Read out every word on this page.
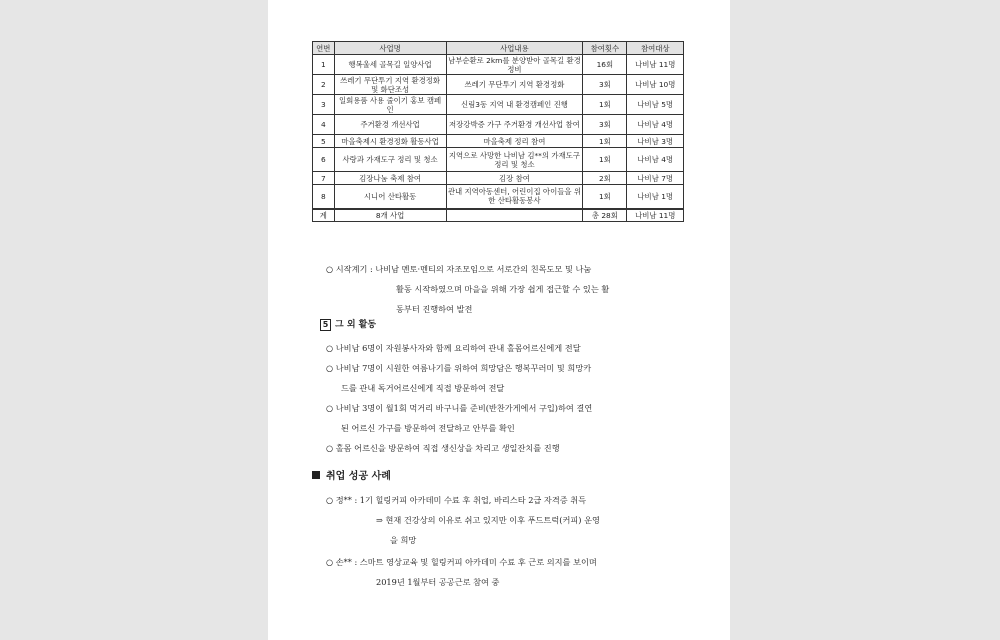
연번	사업명	사업내용	참여횟수	참여대상
1	행복울세 골목길 일양사업	남부순환로 2km를 분양받아 골목길 환경정비	16회	나비남 11명
2	쓰레기 무단투기 지역 환경정화 및 화단조성	쓰레기 무단투기 지역 환경정화	3회	나비남 10명
3	일회용품 사용 줄이기 홍보 캠페인	신림3동 지역 내 환경캠페인 진행	1회	나비남 5명
4	주거환경 개선사업	저장강박증 가구 주거환경 개선사업 참여	3회	나비남 4명
5	마을축제시 환경정화 활동사업	마을축제 정리 참여	1회	나비남 3명
6	사랑과 가재도구 정리 및 청소	지역으로 사망한 나비남 김**의 가재도구 정리 및 청소	1회	나비남 4명
7	김장나눔 축제 참여	김장 참여	2회	나비남 7명
8	시니어 산타활동	관내 지역아동센터, 어린이집 아이들을 위한 산타활동봉사	1회	나비남 1명
계	8개 사업		총 28회	나비남 11명
○ 시작계기 : 나비남 멘토·멘티의 자조모임으로 서로간의 친목도모 및 나눔
활동 시작하였으며 마을을 위해 가장 쉽게 접근할 수 있는 활
동부터 진행하여 발전
5 그 외 활동
○ 나비남 6명이 자원봉사자와 함께 요리하여 관내 홀몸어르신에게 전달
○ 나비남 7명이 시원한 여름나기를 위하여 희망담은 행복꾸러미 및 희망카
드를 관내 독거어르신에게 직접 방문하여 전달
○ 나비남 3명이 월1회 먹거리 바구니를 준비(반찬가게에서 구입)하여 결연
된 어르신 가구를 방문하여 전달하고 안부를 확인
○ 홀몸 어르신을 방문하여 직접 생신상을 차리고 생일잔치를 진행
취업 성공 사례
○ 정** : 1기 힐링커피 아카데미 수료 후 취업, 바리스타 2급 자격증 취득
⇒ 현재 건강상의 이유로 쉬고 있지만 이후 푸드트럭(커피) 운영
을 희망
○ 손** : 스마트 영상교육 및 힐링커피 아카데미 수료 후 근로 의지를 보이며
2019년 1월부터 공공근로 참여 중
